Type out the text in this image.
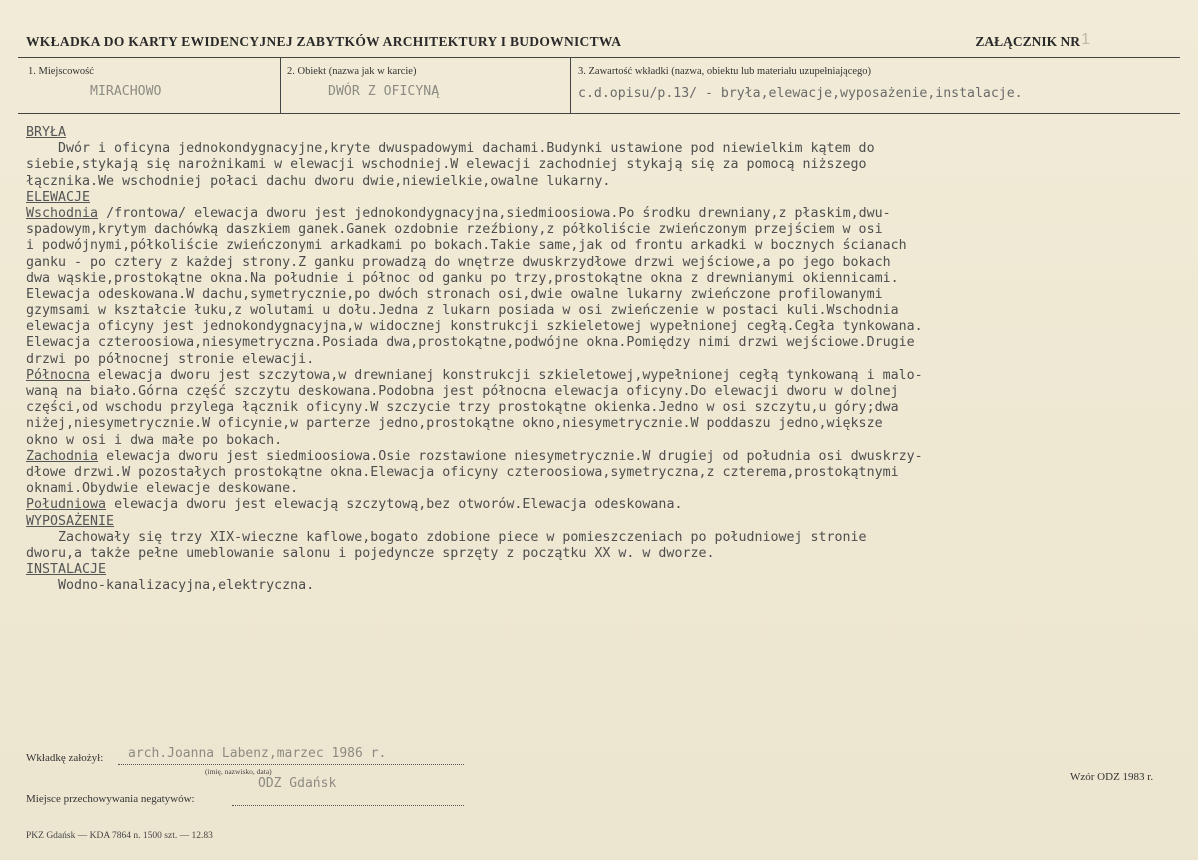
WKŁADKA DO KARTY EWIDENCYJNEJ ZABYTKÓW ARCHITEKTURY I BUDOWNICTWA	ZAŁĄCZNIK NR 1
1. Miejscowość
MIRACHOWO
2. Obiekt (nazwa jak w karcie)
DWÓR Z OFICYNĄ
3. Zawartość wkładki (nazwa, obiektu lub materiału uzupełniającego)
c.d.opisu/p.13/ - bryła,elewacje,wyposażenie,instalacje.
BRYŁA
Dwór i oficyna jednokondygnacyjne,kryte dwuspadowymi dachami.Budynki ustawione pod niewielkim kątem do
siebie,stykają się narożnikami w elewacji wschodniej.W elewacji zachodniej stykają się za pomocą niższego
łącznika.We wschodniej połaci dachu dworu dwie,niewielkie,owalne lukarny.
ELEWACJE
Wschodnia /frontowa/ elewacja dworu jest jednokondygnacyjna,siedmioosiowa.Po środku drewniany,z płaskim,dwu-
spadowym,krytym dachówką daszkiem ganek.Ganek ozdobnie rzeźbiony,z półkoliście zwieńczonym przejściem w osi
i podwójnymi,półkoliście zwieńczonymi arkadkami po bokach.Takie same,jak od frontu arkadki w bocznych ścianach
ganku - po cztery z każdej strony.Z ganku prowadzą do wnętrze dwuskrzydłowe drzwi wejściowe,a po jego bokach
dwa wąskie,prostokątne okna.Na południe i północ od ganku po trzy,prostokątne okna z drewnianymi okiennicami.
Elewacja odeskowana.W dachu,symetrycznie,po dwóch stronach osi,dwie owalne lukarny zwieńczone profilowanymi
gzymsami w kształcie łuku,z wolutami u dołu.Jedna z lukarn posiada w osi zwieńczenie w postaci kuli.Wschodnia
elewacja oficyny jest jednokondygnacyjna,w widocznej konstrukcji szkieletowej wypełnionej cegłą.Cegła tynkowana.
Elewacja czteroosiowa,niesymetryczna.Posiada dwa,prostokątne,podwójne okna.Pomiędzy nimi drzwi wejściowe.Drugie
drzwi po północnej stronie elewacji.
Północna elewacja dworu jest szczytowa,w drewnianej konstrukcji szkieletowej,wypełnionej cegłą tynkowaną i malo-
waną na biało.Górna część szczytu deskowana.Podobna jest północna elewacja oficyny.Do elewacji dworu w dolnej
części,od wschodu przylega łącznik oficyny.W szczycie trzy prostokątne okienka.Jedno w osi szczytu,u góry;dwa
niżej,niesymetrycznie.W oficynie,w parterze jedno,prostokątne okno,niesymetrycznie.W poddaszu jedno,większe
okno w osi i dwa małe po bokach.
Zachodnia elewacja dworu jest siedmioosiowa.Osie rozstawione niesymetrycznie.W drugiej od południa osi dwuskrzy-
dłowe drzwi.W pozostałych prostokątne okna.Elewacja oficyny czteroosiowa,symetryczna,z czterema,prostokątnymi
oknami.Obydwie elewacje deskowane.
Południowa elewacja dworu jest elewacją szczytową,bez otworów.Elewacja odeskowana.
WYPOSAŻENIE
Zachowały się trzy XIX-wieczne kaflowe,bogato zdobione piece w pomieszczeniach po południowej stronie
dworu,a także pełne umeblowanie salonu i pojedyncze sprzęty z początku XX w. w dworze.
INSTALACJE
Wodno-kanalizacyjna,elektryczna.
Wkładkę założył: arch.Joanna Labenz,marzec 1986 r.
(imię, nazwisko, data)
ODZ Gdańsk
Miejsce przechowywania negatywów:
Wzór ODZ 1983 r.
PKZ Gdańsk — KDA 7864 n. 1500 szt. — 12.83
